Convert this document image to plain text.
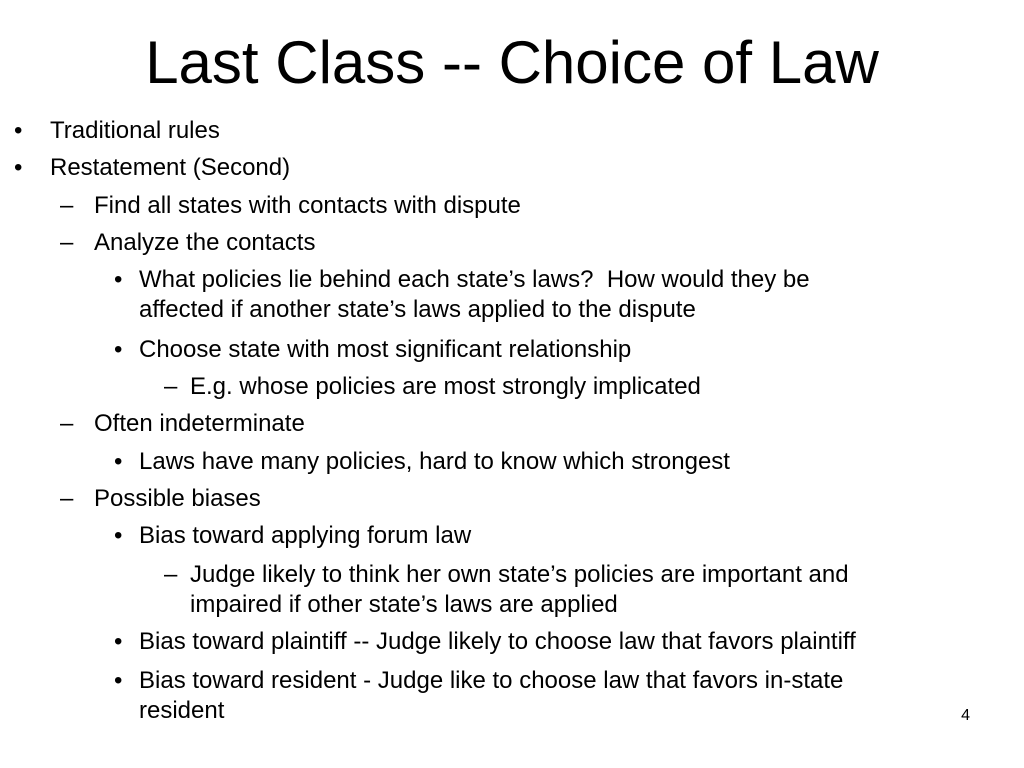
Last Class -- Choice of Law
• Traditional rules
• Restatement (Second)
– Find all states with contacts with dispute
– Analyze the contacts
• What policies lie behind each state’s laws?  How would they be
affected if another state’s laws applied to the dispute
• Choose state with most significant relationship
– E.g. whose policies are most strongly implicated
– Often indeterminate
• Laws have many policies, hard to know which strongest
– Possible biases
• Bias toward applying forum law
– Judge likely to think her own state’s policies are important and
impaired if other state’s laws are applied
• Bias toward plaintiff -- Judge likely to choose law that favors plaintiff
• Bias toward resident - Judge like to choose law that favors in-state
resident	4
